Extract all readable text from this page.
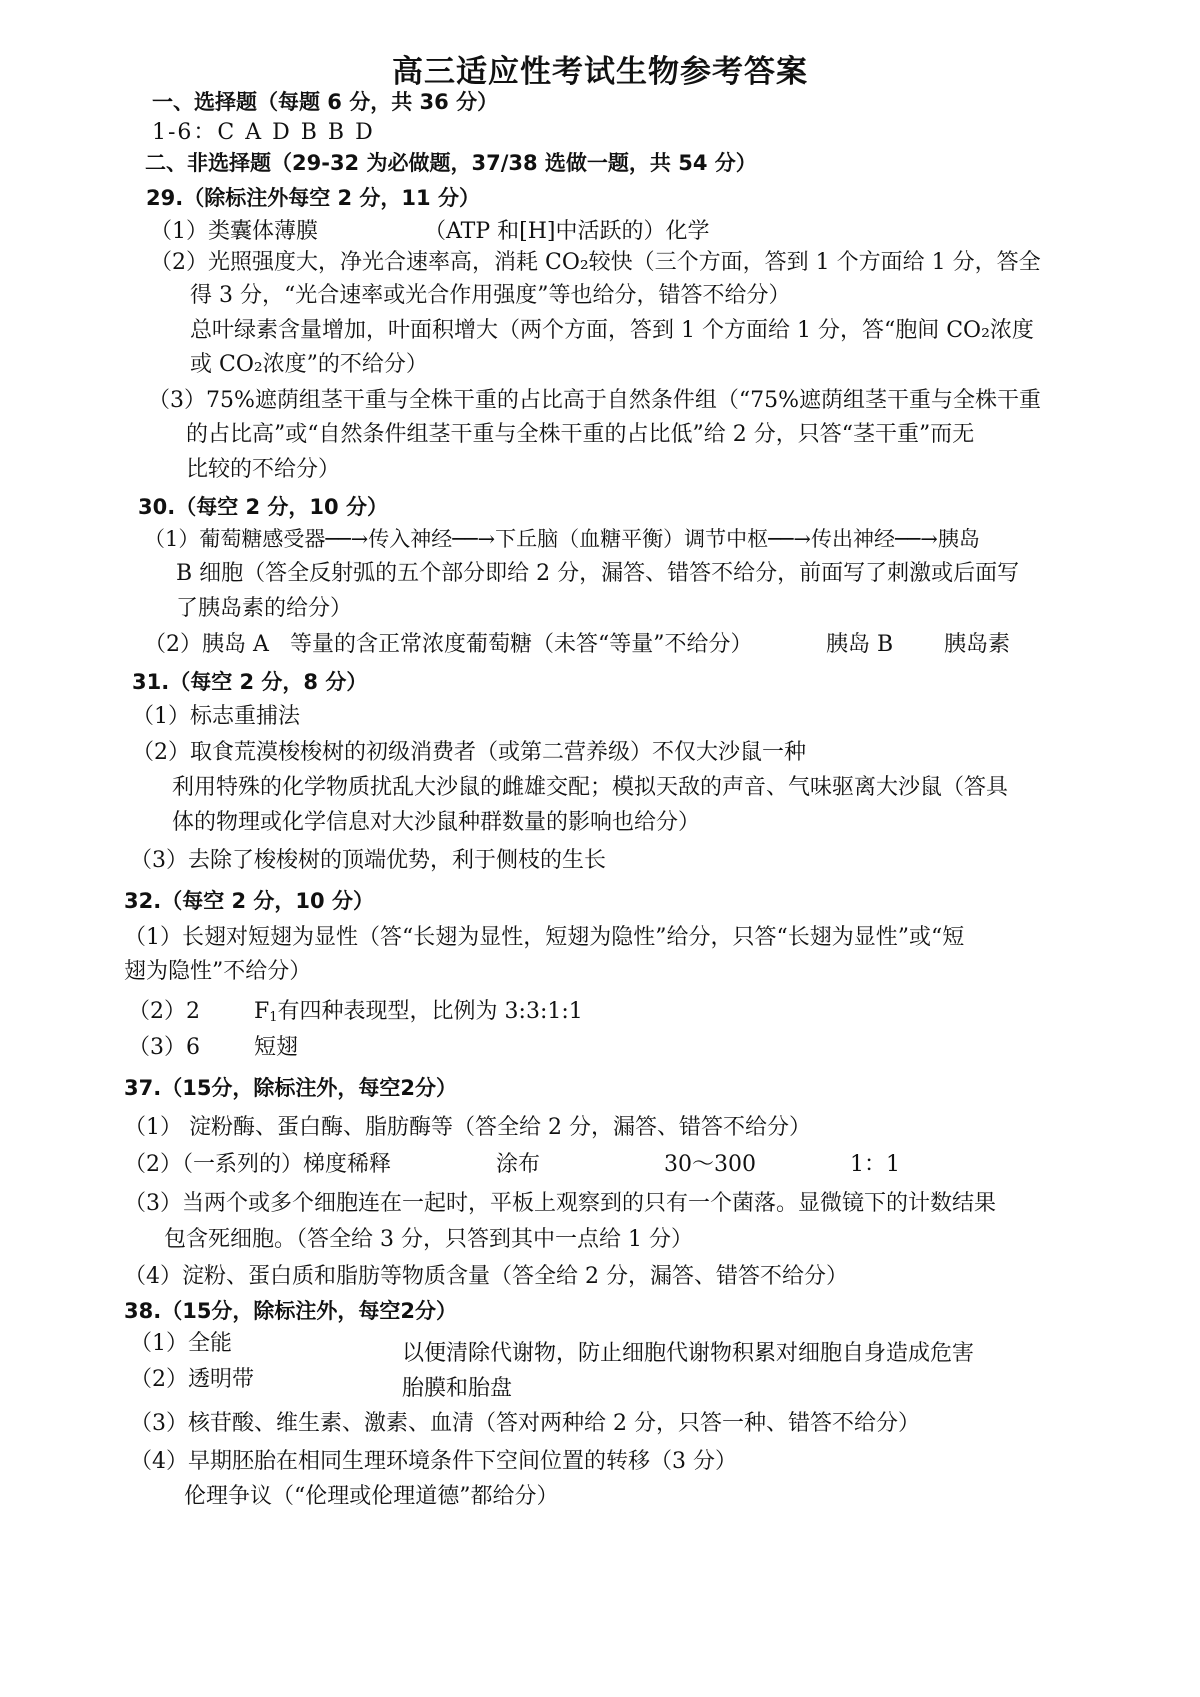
高三适应性考试生物参考答案
一、选择题（每题 6 分，共 36 分）
1-6：C A D B B D
二、非选择题（29-32 为必做题，37/38 选做一题，共 54 分）
29.（除标注外每空 2 分，11 分）
（1）类囊体薄膜	（ATP 和[H]中活跃的）化学
（2）光照强度大，净光合速率高，消耗 CO₂较快（三个方面，答到 1 个方面给 1 分，答全
得 3 分，“光合速率或光合作用强度”等也给分，错答不给分）
总叶绿素含量增加，叶面积增大（两个方面，答到 1 个方面给 1 分，答“胞间 CO₂浓度
或 CO₂浓度”的不给分）
（3）75%遮荫组茎干重与全株干重的占比高于自然条件组（“75%遮荫组茎干重与全株干重
的占比高”或“自然条件组茎干重与全株干重的占比低”给 2 分，只答“茎干重”而无
比较的不给分）
30.（每空 2 分，10 分）
（1）葡萄糖感受器──→传入神经──→下丘脑（血糖平衡）调节中枢──→传出神经──→胰岛
B 细胞（答全反射弧的五个部分即给 2 分，漏答、错答不给分，前面写了刺激或后面写
了胰岛素的给分）
（2）胰岛 A 等量的含正常浓度葡萄糖（未答“等量”不给分）	胰岛 B 胰岛素
31.（每空 2 分，8 分）
（1）标志重捕法
（2）取食荒漠梭梭树的初级消费者（或第二营养级）不仅大沙鼠一种
利用特殊的化学物质扰乱大沙鼠的雌雄交配；模拟天敌的声音、气味驱离大沙鼠（答具
体的物理或化学信息对大沙鼠种群数量的影响也给分）
（3）去除了梭梭树的顶端优势，利于侧枝的生长
32.（每空 2 分，10 分）
（1）长翅对短翅为显性（答“长翅为显性，短翅为隐性”给分，只答“长翅为显性”或“短
翅为隐性”不给分）
（2）2 $F_1$有四种表现型，比例为 3:3:1:1
（3）6 短翅
37.（15分，除标注外，每空2分）
（1） 淀粉酶、蛋白酶、脂肪酶等（答全给 2 分，漏答、错答不给分）
（2）（一系列的）梯度稀释	涂布	30～300	1：1
（3）当两个或多个细胞连在一起时，平板上观察到的只有一个菌落。显微镜下的计数结果
包含死细胞。（答全给 3 分，只答到其中一点给 1 分）
（4）淀粉、蛋白质和脂肪等物质含量（答全给 2 分，漏答、错答不给分）
38.（15分，除标注外，每空2分）
（1）全能	以便清除代谢物，防止细胞代谢物积累对细胞自身造成危害
（2）透明带	胎膜和胎盘
（3）核苷酸、维生素、激素、血清（答对两种给 2 分，只答一种、错答不给分）
（4）早期胚胎在相同生理环境条件下空间位置的转移（3 分）
伦理争议（“伦理或伦理道德”都给分）
